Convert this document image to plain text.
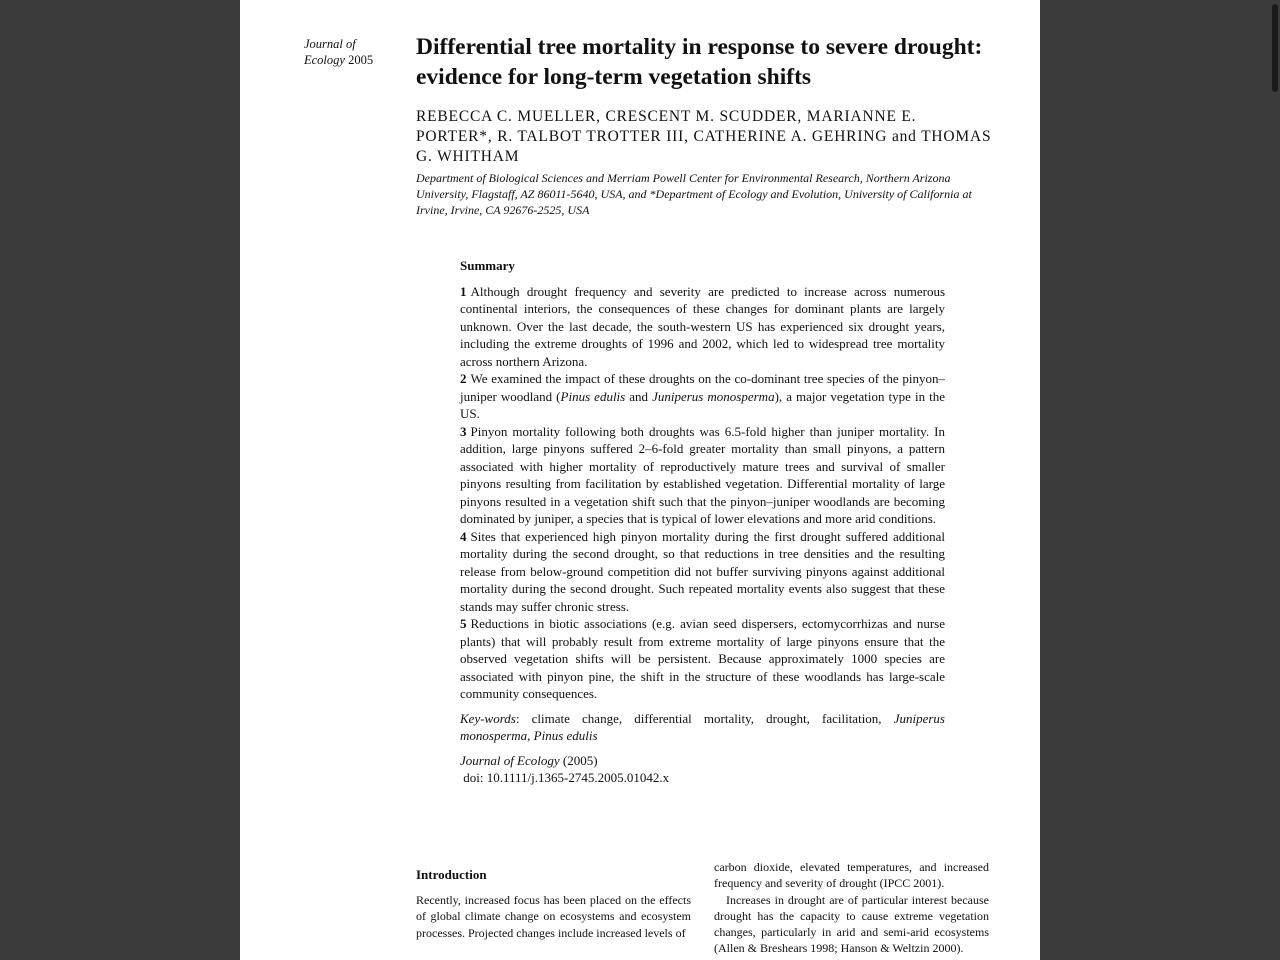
Journal of
Ecology 2005 Differential tree mortality in response to severe drought: evidence for long-term vegetation shifts

REBECCA C. MUELLER, CRESCENT M. SCUDDER, MARIANNE E. PORTER*, R. TALBOT TROTTER III, CATHERINE A. GEHRING and THOMAS G. WHITHAM

Department of Biological Sciences and Merriam Powell Center for Environmental Research, Northern Arizona University, Flagstaff, AZ 86011-5640, USA, and *Department of Ecology and Evolution, University of California at Irvine, Irvine, CA 92676-2525, USA

Summary

1 Although drought frequency and severity are predicted to increase across numerous continental interiors, the consequences of these changes for dominant plants are largely unknown. Over the last decade, the south-western US has experienced six drought years, including the extreme droughts of 1996 and 2002, which led to widespread tree mortality across northern Arizona.

2 We examined the impact of these droughts on the co-dominant tree species of the pinyon–juniper woodland (Pinus edulis and Juniperus monosperma), a major vegetation type in the US.

3 Pinyon mortality following both droughts was 6.5-fold higher than juniper mortality. In addition, large pinyons suffered 2–6-fold greater mortality than small pinyons, a pattern associated with higher mortality of reproductively mature trees and survival of smaller pinyons resulting from facilitation by established vegetation. Differential mortality of large pinyons resulted in a vegetation shift such that the pinyon–juniper woodlands are becoming dominated by juniper, a species that is typical of lower elevations and more arid conditions.

4 Sites that experienced high pinyon mortality during the first drought suffered additional mortality during the second drought, so that reductions in tree densities and the resulting release from below-ground competition did not buffer surviving pinyons against additional mortality during the second drought. Such repeated mortality events also suggest that these stands may suffer chronic stress.

5 Reductions in biotic associations (e.g. avian seed dispersers, ectomycorrhizas and nurse plants) that will probably result from extreme mortality of large pinyons ensure that the observed vegetation shifts will be persistent. Because approximately 1000 species are associated with pinyon pine, the shift in the structure of these woodlands has large-scale community consequences.

Key-words: climate change, differential mortality, drought, facilitation, Juniperus monosperma, Pinus edulis

Journal of Ecology (2005)
doi: 10.1111/j.1365-2745.2005.01042.x

Introduction

Recently, increased focus has been placed on the effects of global climate change on ecosystems and ecosystem processes. Projected changes include increased levels of

carbon dioxide, elevated temperatures, and increased frequency and severity of drought (IPCC 2001).

Increases in drought are of particular interest because drought has the capacity to cause extreme vegetation changes, particularly in arid and semi-arid ecosystems (Allen & Breshears 1998; Hanson & Weltzin 2000).
